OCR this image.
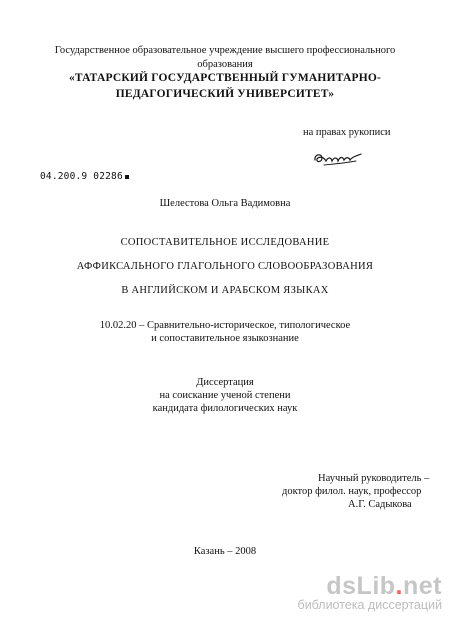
Государственное образовательное учреждение высшего профессионального
образования
«ТАТАРСКИЙ ГОСУДАРСТВЕННЫЙ ГУМАНИТАРНО-
ПЕДАГОГИЧЕСКИЙ УНИВЕРСИТЕТ»
на правах рукописи
04.200.9 02286
Шелестова Ольга Вадимовна
СОПОСТАВИТЕЛЬНОЕ ИССЛЕДОВАНИЕ
АФФИКСАЛЬНОГО ГЛАГОЛЬНОГО СЛОВООБРАЗОВАНИЯ
В АНГЛИЙСКОМ И АРАБСКОМ ЯЗЫКАХ
10.02.20 – Сравнительно-историческое, типологическое
и сопоставительное языкознание
Диссертация
на соискание ученой степени
кандидата филологических наук
Научный руководитель –
доктор филол. наук, профессор
А.Г. Садыкова
Казань – 2008
dsLib.net
библиотека диссертаций
